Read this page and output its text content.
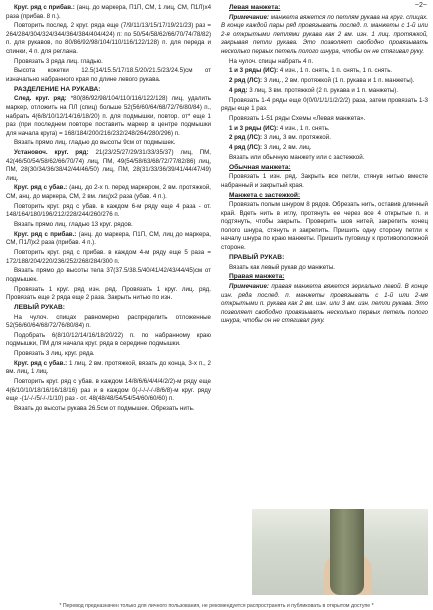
~2~

Круг. ряд с прибав.: (анц. до маркера, П1П, СМ, 1 лиц, СМ, П1Л)х4 раза (прибав. 8 п.).

Повторить послед. 2 круг. ряда еще (7/9/11/13/15/17/19/21/23) раз = 264/284/304/324/344/364/384/404/424) п: по 50/54/58/62/66/70/74/78/82) п. для рукавов, по 80/86/92/98/104/110/116/122/128) п. для переда и спинки, 4 п. для реглана.

Провязать 3 ряда лиц. гладью.

Высота кокетки 12.5(14/15.5/17/18.5/20/21.5/23/24.5)см от изначально набранного края по длине левого рукава.

РАЗДЕЛЕНИЕ НА РУКАВА:

След. круг. ряд: *80(86/92/98/104/110/116/122/128) лиц, удалить маркер, отложить на ПЛ (спиц) больше 52(56/60/64/68/72/76/80/84) п., набрать 4(6/8/10/12/14/16/18/20) п. для подмышки, повтор. от* еще 1 раз (при последнем повторе поставить маркер в центре подмышки для начала круга) = 168/184/200/216/232/248/264/280/296) п.

Вязать прямо лиц. гладью до высоты 9см от подмышек.

Установоч. круг. ряд: 21(23/25/27/29/31/33/35/37) лиц, ПМ, 42(46/50/54/58/62/66/70/74) лиц, ПМ, 49(54/58/63/68/72/77/82/86) лиц, ПМ, 28(30/34/36/38/42/44/46/50) лиц, ПМ, 28(31/33/36/39/41/44/47/49) лиц.

Круг. ряд с убав.: (анц. до 2-х п. перед маркером, 2 вм. протяжкой, СМ, анц. до маркера, СМ, 2 вм. лиц)х2 раза (убав. 4 п.).

Повторить круг. ряд с убав. в каждом 6-м ряду еще 4 раза - от. 148/164/180/196/212/228/244/260/276 п.

Вязать прямо лиц. гладью 13 круг. рядов.

Круг. ряд с прибав.: (анц. до маркера, П1П, СМ, лиц до маркера, СМ, П1Л)х2 раза (прибав. 4 п.).

Повторить круг. ряд с прибав. в каждом 4-м ряду еще 5 раза = 172/188/204/220/236/252/268/284/300 п.

Вязать прямо до высоты тела 37(37.5/38.5/40/41/42/43/44/45)см от подмышек.

Провязать 1 круг. ряд изн. ряд. Провязать 1 круг. лиц. ряд. Провязать еще 2 ряда еще 2 раза. Закрыть нитью по изн.

ЛЕВЫЙ РУКАВ:

На чулоч. спицах равномерно распределить отложенные 52(56/60/64/68/72/76/80/84) п.

Подобрать 6(8/10/12/14/16/18/20/22) п. по набранному краю подмышки, ПМ для начала круг. ряда в середине подмышки.

Провязать 3 лиц. круг. ряда.

Круг. ряд с убав.: 1 лиц, 2 вм. протяжкой, вязать до конца, 3-х п., 2 вм. лиц, 1 лиц.

Повторить круг. ряд с убав. в каждом 14/8/6/6/4/4/4/2/2)-м ряду еще 4(6/10/10/18/16/16/18/16) раз и в каждом 0(-/-/-/-/-/8/6/8)-м круг. ряду еще -(1/-/-/5/-/-/1/10) раз - от. 48(48/48/54/54/54/60/60/60) п.

Вязать до высоты рукава 26.5см от подмышек. Обрезать нить.

Левая манжета:

Примечание: манжета вяжется по петлям рукава на круг. спицах. В конце каждой пары ряд провязывать послед. п. манжеты с 1-й или 2-я открытыми петлями рукава как 2 вм. изн. 1 лиц. протяжкой, закрывая петли рукава. Это позволяет свободно провязывать несколько первых петель полого шнура, чтобы он не стягивал руку.

На чулоч. спицы набрать 4 п.

1 и 3 ряды (ИС): 4 изн., 1 п. снять, 1 п. снять, 1 п. снять.

2 ряд (ЛС): 3 лиц., 2 вм. протяжкой (1 п. рукава и 1 п. манжеты).

4 ряд: 3 лиц, 3 вм. протяжкой (2 п. рукава и 1 п. манжеты).

Провязать 1-4 ряды еще 0(0/0/1/1/1/2/2/2) раза, затем провязать 1-3 ряды еще 1 раз.

Провязать 1-51 ряды Схемы «Левая манжета».

1 и 3 ряды (ИС): 4 изн., 1 п. снять.

2 ряд (ЛС): 3 лиц, 3 вм. протяжкой.

4 ряд (ЛС): 3 лиц, 2 вм. лиц.

Вязать или обычную манжету или с застежкой.

Обычная манжета:

Провязать 1 изн. ряд. Закрыть все петли, стянув нитью вместе набранный и закрытый края.

Манжета с застежкой:

Провязать полым шнуром 8 рядов. Обрезать нить, оставив длинный край. Вдеть нить в иглу, протянуть ее через все 4 открытые п. и подтянуть, чтобы закрыть. Проверить шов нитей, закрепить конец полого шнура, стянуть и закрепить. Пришить одну сторону петли к началу шнура по краю манжеты. Пришить пуговицу к противоположной стороне.

ПРАВЫЙ РУКАВ:

Вязать как левый рукав до манжеты.

Правая манжета:

Примечание: правая манжета вяжется зеркально левой. В конце изн. ряда послед. п. манжеты провязывать с 1-й или 2-мя открытыми п. рукава как 2 вм. изн. или 3 вм. изн. петли рукава. Это позволяет свободно провязывать несколько первых петель полого шнура, чтобы он не стягивал руку.

* Перевод предназначен только для личного пользования, не рекомендуется распространять и публиковать в открытом доступе *
